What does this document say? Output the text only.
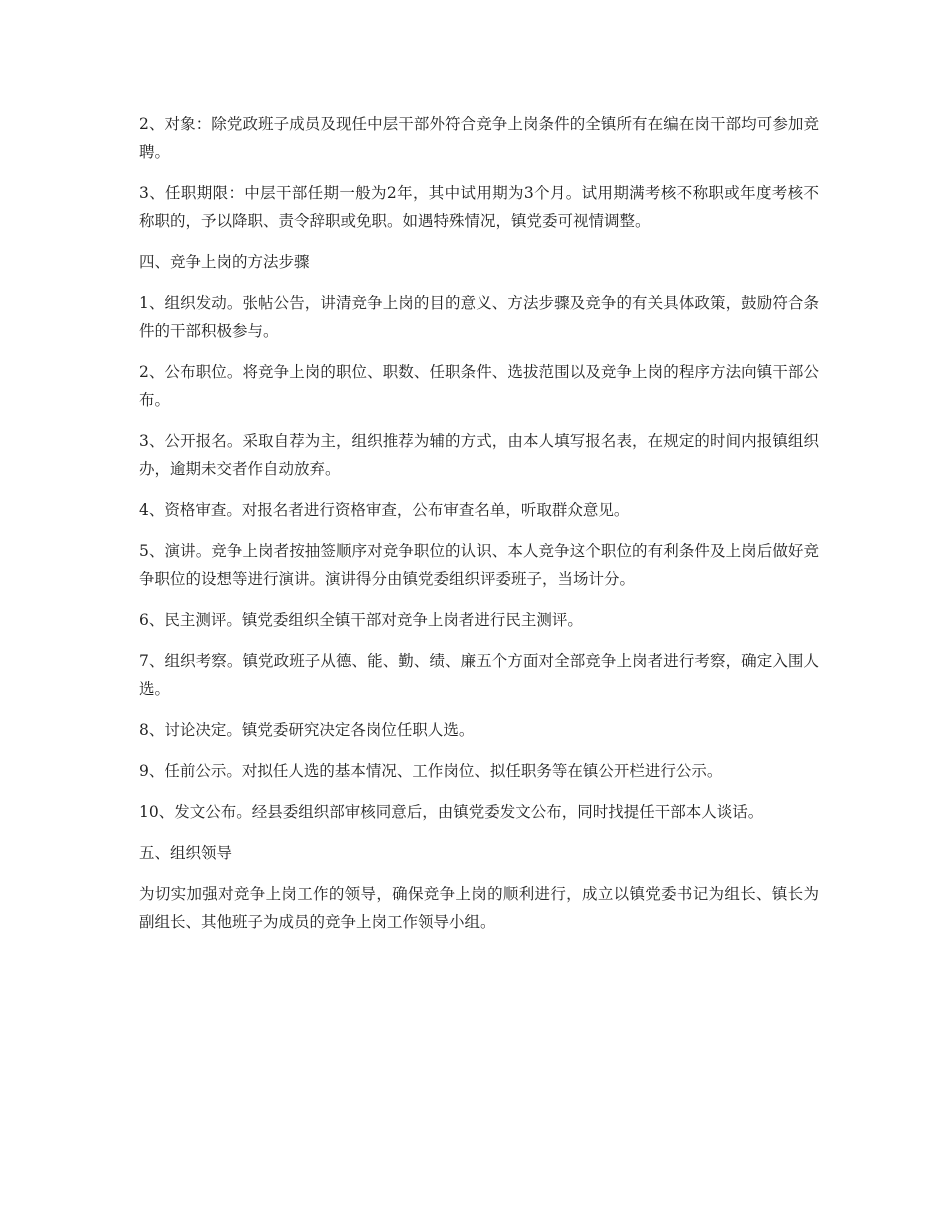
2、对象：除党政班子成员及现任中层干部外符合竞争上岗条件的全镇所有在编在岗干部均可参加竞聘。

3、任职期限：中层干部任期一般为2年，其中试用期为3个月。试用期满考核不称职或年度考核不称职的，予以降职、责令辞职或免职。如遇特殊情况，镇党委可视情调整。

四、竞争上岗的方法步骤

1、组织发动。张帖公告，讲清竞争上岗的目的意义、方法步骤及竞争的有关具体政策，鼓励符合条件的干部积极参与。

2、公布职位。将竞争上岗的职位、职数、任职条件、选拔范围以及竞争上岗的程序方法向镇干部公布。

3、公开报名。采取自荐为主，组织推荐为辅的方式，由本人填写报名表，在规定的时间内报镇组织办，逾期未交者作自动放弃。

4、资格审查。对报名者进行资格审查，公布审查名单，听取群众意见。

5、演讲。竞争上岗者按抽签顺序对竞争职位的认识、本人竞争这个职位的有利条件及上岗后做好竞争职位的设想等进行演讲。演讲得分由镇党委组织评委班子，当场计分。

6、民主测评。镇党委组织全镇干部对竞争上岗者进行民主测评。

7、组织考察。镇党政班子从德、能、勤、绩、廉五个方面对全部竞争上岗者进行考察，确定入围人选。

8、讨论决定。镇党委研究决定各岗位任职人选。

9、任前公示。对拟任人选的基本情况、工作岗位、拟任职务等在镇公开栏进行公示。

10、发文公布。经县委组织部审核同意后，由镇党委发文公布，同时找提任干部本人谈话。

五、组织领导

为切实加强对竞争上岗工作的领导，确保竞争上岗的顺利进行，成立以镇党委书记为组长、镇长为副组长、其他班子为成员的竞争上岗工作领导小组。
